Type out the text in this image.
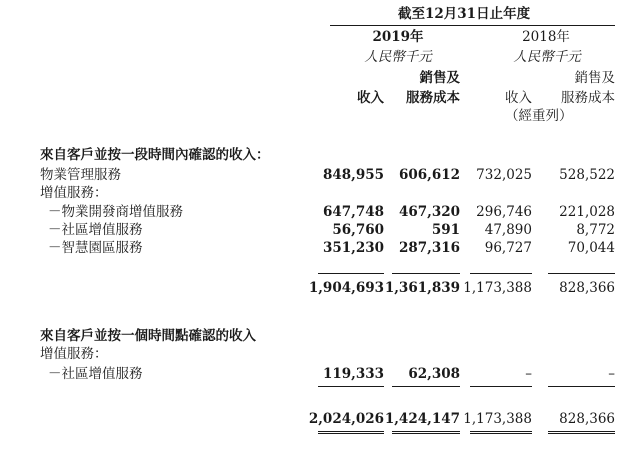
截至12月31日止年度
2019年	2018年
人民幣千元	人民幣千元
銷售及	銷售及
收入 服務成本	收入 服務成本
（經重列）
來自客戶並按一段時間內確認的收入：
物業管理服務	848,955 606,612 732,025 528,522
增值服務：
－物業開發商增值服務	647,748 467,320 296,746 221,028
－社區增值服務	56,760	591 47,890	8,772
－智慧園區服務	351,230 287,316 96,727	70,044
1,904,693 1,361,839 1,173,388 828,366
來自客戶並按一個時間點確認的收入
增值服務：
－社區增值服務	119,333 62,308	–	–
2,024,026 1,424,147 1,173,388 828,366
